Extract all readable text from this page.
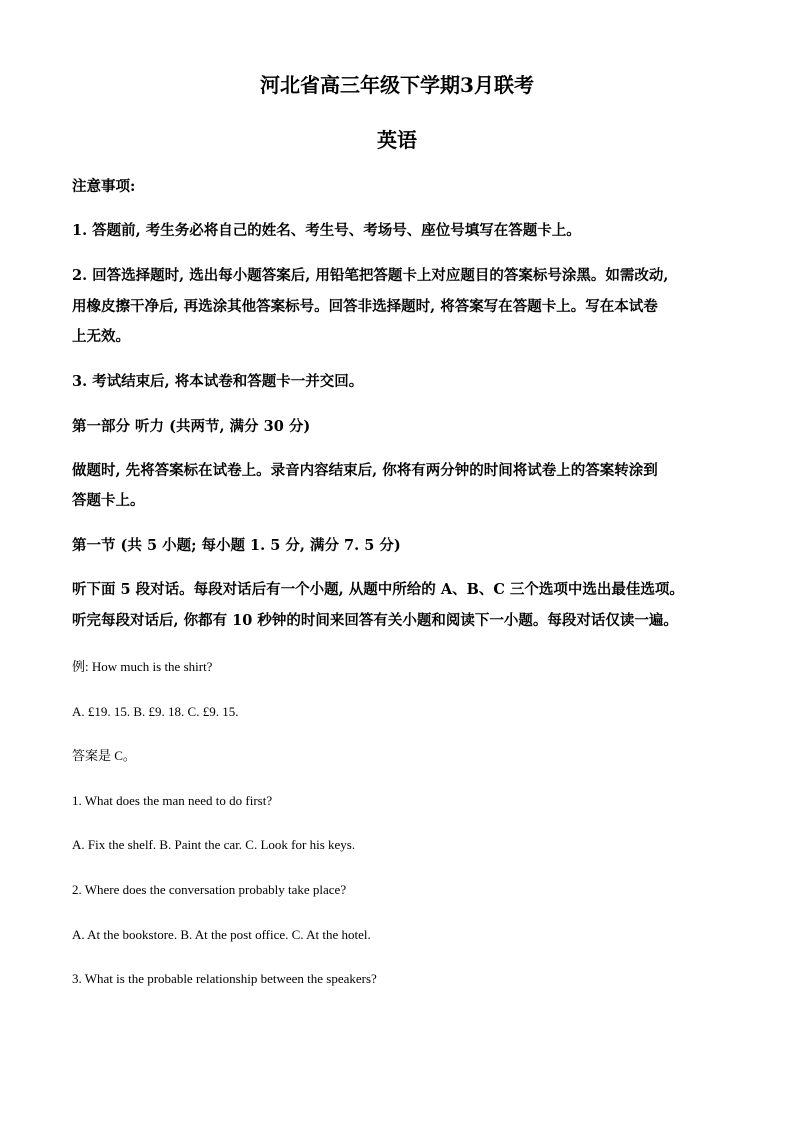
河北省高三年级下学期3月联考
英语
注意事项:
1. 答题前, 考生务必将自己的姓名、考生号、考场号、座位号填写在答题卡上。
2. 回答选择题时, 选出每小题答案后, 用铅笔把答题卡上对应题目的答案标号涂黑。如需改动,
用橡皮擦干净后, 再选涂其他答案标号。回答非选择题时, 将答案写在答题卡上。写在本试卷
上无效。
3. 考试结束后, 将本试卷和答题卡一并交回。
第一部分 听力 (共两节, 满分 30 分)
做题时, 先将答案标在试卷上。录音内容结束后, 你将有两分钟的时间将试卷上的答案转涂到
答题卡上。
第一节 (共 5 小题; 每小题 1. 5 分, 满分 7. 5 分)
听下面 5 段对话。每段对话后有一个小题, 从题中所给的 A、B、C 三个选项中选出最佳选项。
听完每段对话后, 你都有 10 秒钟的时间来回答有关小题和阅读下一小题。每段对话仅读一遍。
例: How much is the shirt?
A. £19. 15. B. £9. 18. C. £9. 15.
答案是 C。
1. What does the man need to do first?
A. Fix the shelf. B. Paint the car. C. Look for his keys.
2. Where does the conversation probably take place?
A. At the bookstore. B. At the post office. C. At the hotel.
3. What is the probable relationship between the speakers?
